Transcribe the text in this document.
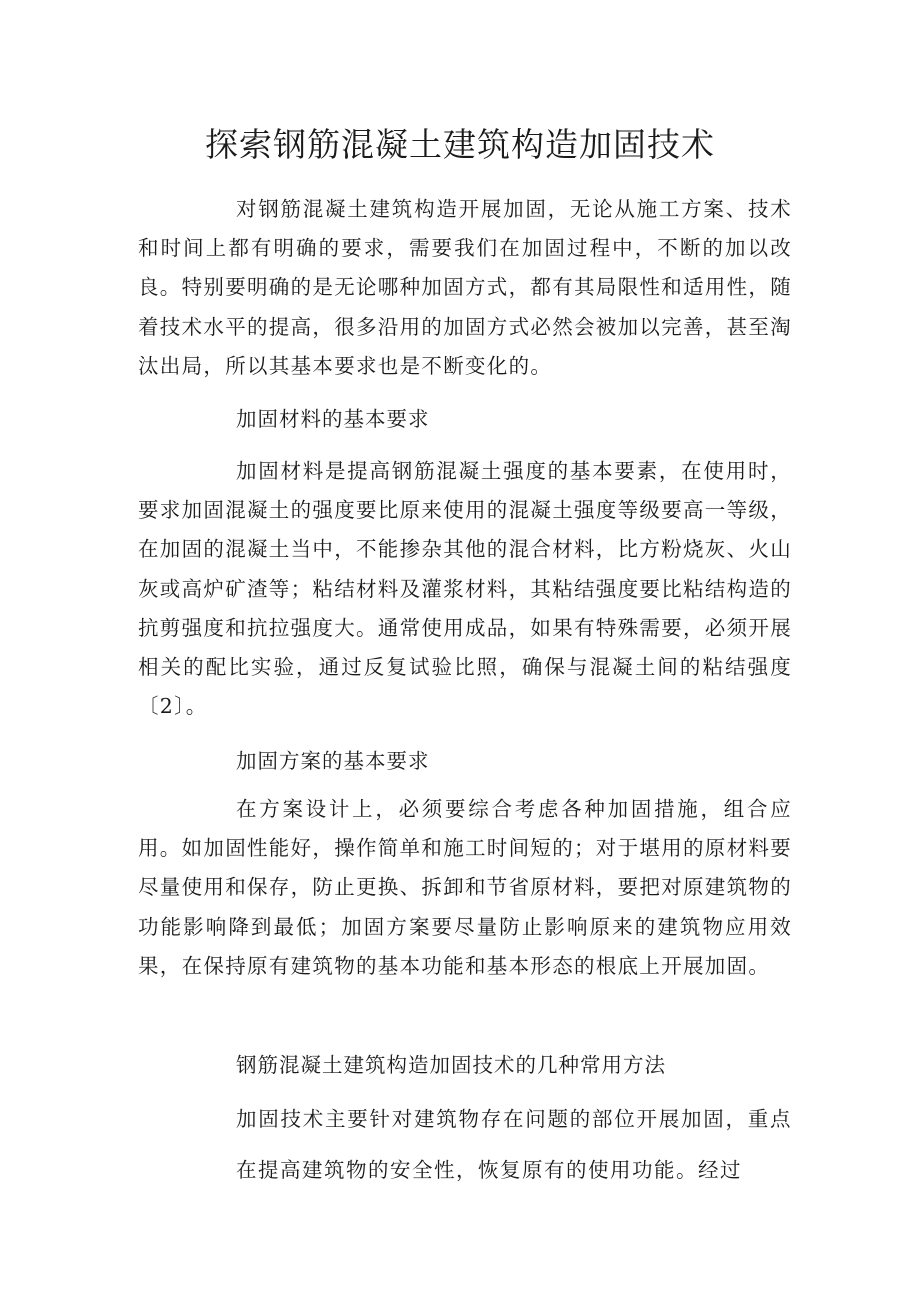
探索钢筋混凝土建筑构造加固技术

对钢筋混凝土建筑构造开展加固，无论从施工方案、技术和时间上都有明确的要求，需要我们在加固过程中，不断的加以改良。特别要明确的是无论哪种加固方式，都有其局限性和适用性，随着技术水平的提高，很多沿用的加固方式必然会被加以完善，甚至淘汰出局，所以其基本要求也是不断变化的。

加固材料的基本要求

加固材料是提高钢筋混凝土强度的基本要素，在使用时，要求加固混凝土的强度要比原来使用的混凝土强度等级要高一等级，在加固的混凝土当中，不能掺杂其他的混合材料，比方粉烧灰、火山灰或高炉矿渣等；粘结材料及灌浆材料，其粘结强度要比粘结构造的抗剪强度和抗拉强度大。通常使用成品，如果有特殊需要，必须开展相关的配比实验，通过反复试验比照，确保与混凝土间的粘结强度〔2〕。

加固方案的基本要求

在方案设计上，必须要综合考虑各种加固措施，组合应用。如加固性能好，操作简单和施工时间短的；对于堪用的原材料要尽量使用和保存，防止更换、拆卸和节省原材料，要把对原建筑物的功能影响降到最低；加固方案要尽量防止影响原来的建筑物应用效果，在保持原有建筑物的基本功能和基本形态的根底上开展加固。

钢筋混凝土建筑构造加固技术的几种常用方法

加固技术主要针对建筑物存在问题的部位开展加固，重点在提高建筑物的安全性，恢复原有的使用功能。经过
